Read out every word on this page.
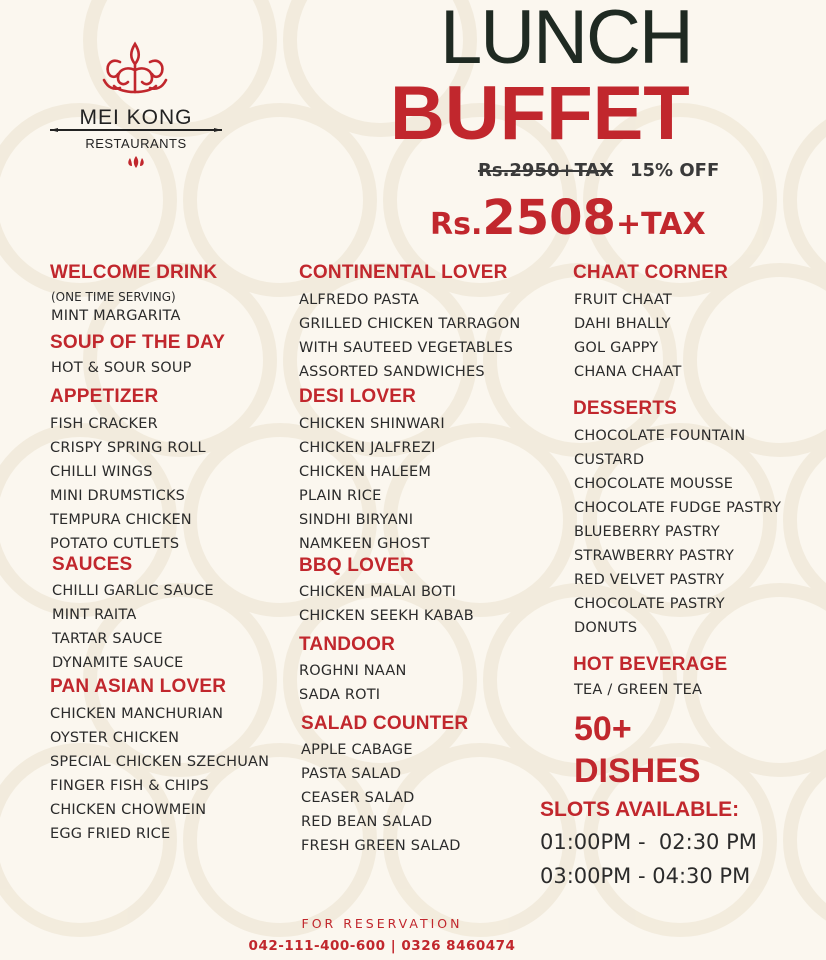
MEI KONG
RESTAURANTS
LUNCH
BUFFET
Rs.2950+TAX 15% OFF
Rs.2508+TAX
WELCOME DRINK
(ONE TIME SERVING)
MINT MARGARITA
SOUP OF THE DAY
HOT & SOUR SOUP
APPETIZER
FISH CRACKER
CRISPY SPRING ROLL
CHILLI WINGS
MINI DRUMSTICKS
TEMPURA CHICKEN
POTATO CUTLETS
SAUCES
CHILLI GARLIC SAUCE
MINT RAITA
TARTAR SAUCE
DYNAMITE SAUCE
PAN ASIAN LOVER
CHICKEN MANCHURIAN
OYSTER CHICKEN
SPECIAL CHICKEN SZECHUAN
FINGER FISH & CHIPS
CHICKEN CHOWMEIN
EGG FRIED RICE
CONTINENTAL LOVER
ALFREDO PASTA
GRILLED CHICKEN TARRAGON
WITH SAUTEED VEGETABLES
ASSORTED SANDWICHES
DESI LOVER
CHICKEN SHINWARI
CHICKEN JALFREZI
CHICKEN HALEEM
PLAIN RICE
SINDHI BIRYANI
NAMKEEN GHOST
BBQ LOVER
CHICKEN MALAI BOTI
CHICKEN SEEKH KABAB
TANDOOR
ROGHNI NAAN
SADA ROTI
SALAD COUNTER
APPLE CABAGE
PASTA SALAD
CEASER SALAD
RED BEAN SALAD
FRESH GREEN SALAD
CHAAT CORNER
FRUIT CHAAT
DAHI BHALLY
GOL GAPPY
CHANA CHAAT
DESSERTS
CHOCOLATE FOUNTAIN
CUSTARD
CHOCOLATE MOUSSE
CHOCOLATE FUDGE PASTRY
BLUEBERRY PASTRY
STRAWBERRY PASTRY
RED VELVET PASTRY
CHOCOLATE PASTRY
DONUTS
HOT BEVERAGE
TEA / GREEN TEA
50+
DISHES
SLOTS AVAILABLE:
01:00PM -  02:30 PM
03:00PM - 04:30 PM
FOR RESERVATION
042-111-400-600 | 0326 8460474
